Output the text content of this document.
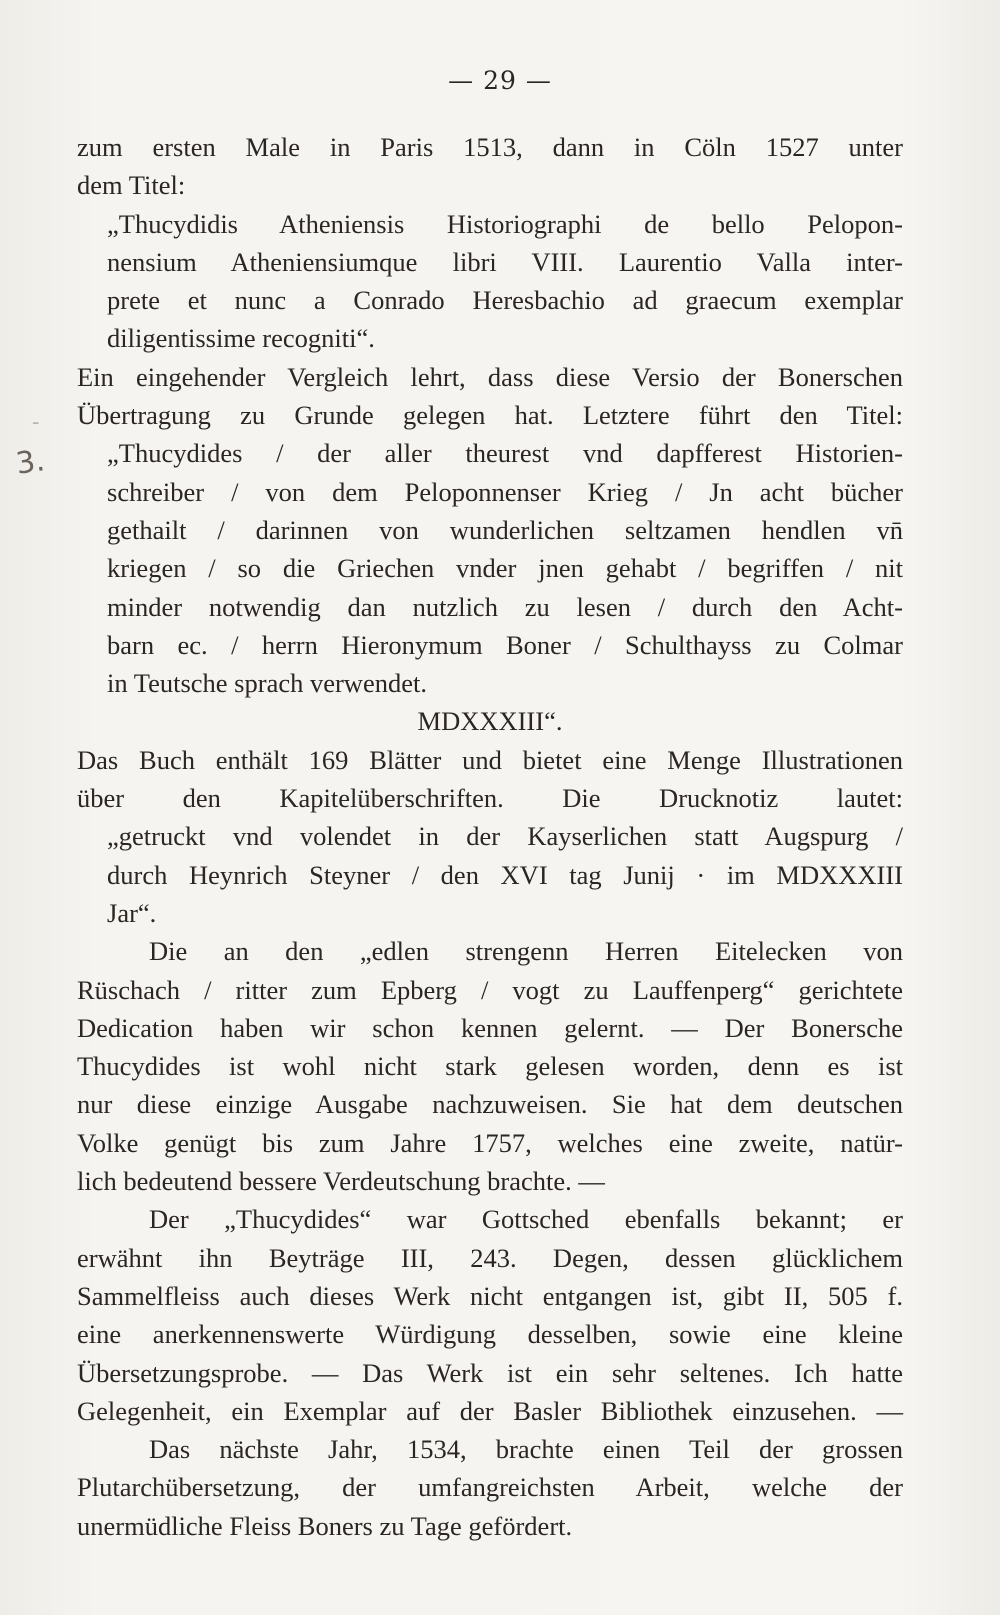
— 29 —
-
3.
zum ersten Male in Paris 1513, dann in Cöln 1527 unter
dem Titel:
„Thucydidis Atheniensis Historiographi de bello Pelopon-
nensium Atheniensiumque libri VIII. Laurentio Valla inter-
prete et nunc a Conrado Heresbachio ad graecum exemplar
diligentissime recogniti“.
Ein eingehender Vergleich lehrt, dass diese Versio der Bonerschen
Übertragung zu Grunde gelegen hat. Letztere führt den Titel:
„Thucydides / der aller theurest vnd dapfferest Historien-
schreiber / von dem Peloponnenser Krieg / Jn acht bücher
gethailt / darinnen von wunderlichen seltzamen hendlen vn̄
kriegen / so die Griechen vnder jnen gehabt / begriffen / nit
minder notwendig dan nutzlich zu lesen / durch den Acht-
barn ec. / herrn Hieronymum Boner / Schulthayss zu Colmar
in Teutsche sprach verwendet.
MDXXXIII“.
Das Buch enthält 169 Blätter und bietet eine Menge Illustrationen
über den Kapitelüberschriften. Die Drucknotiz lautet:
„getruckt vnd volendet in der Kayserlichen statt Augspurg /
durch Heynrich Steyner / den XVI tag Junij · im MDXXXIII
Jar“.
Die an den „edlen strengenn Herren Eitelecken von
Rüschach / ritter zum Epberg / vogt zu Lauffenperg“ gerichtete
Dedication haben wir schon kennen gelernt. — Der Bonersche
Thucydides ist wohl nicht stark gelesen worden, denn es ist
nur diese einzige Ausgabe nachzuweisen. Sie hat dem deutschen
Volke genügt bis zum Jahre 1757, welches eine zweite, natür-
lich bedeutend bessere Verdeutschung brachte. —
Der „Thucydides“ war Gottsched ebenfalls bekannt; er
erwähnt ihn Beyträge III, 243. Degen, dessen glücklichem
Sammelfleiss auch dieses Werk nicht entgangen ist, gibt II, 505 f.
eine anerkennenswerte Würdigung desselben, sowie eine kleine
Übersetzungsprobe. — Das Werk ist ein sehr seltenes. Ich hatte
Gelegenheit, ein Exemplar auf der Basler Bibliothek einzusehen. —
Das nächste Jahr, 1534, brachte einen Teil der grossen
Plutarchübersetzung, der umfangreichsten Arbeit, welche der
unermüdliche Fleiss Boners zu Tage gefördert.
